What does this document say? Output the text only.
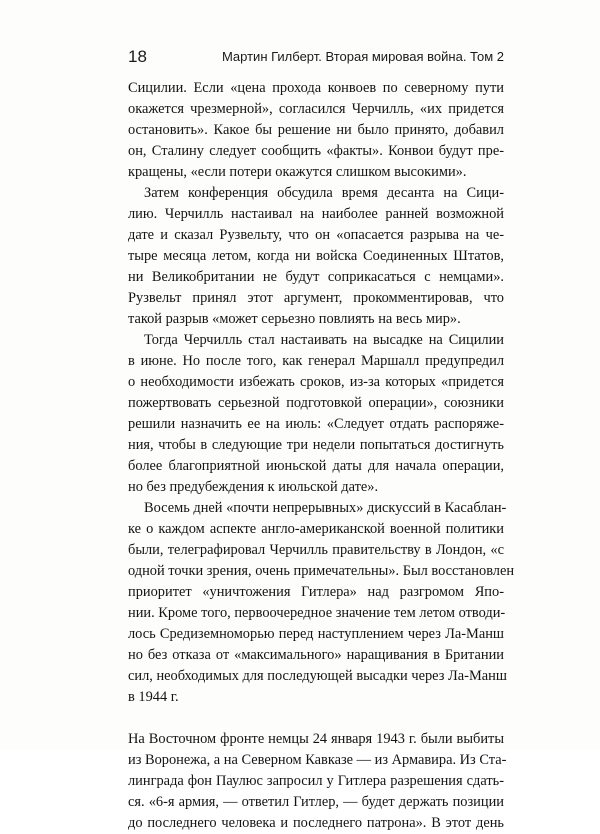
18	Мартин Гилберт. Вторая мировая война. Том 2
Сицилии. Если «цена прохода конвоев по северному пути
окажется чрезмерной», согласился Черчилль, «их придется
остановить». Какое бы решение ни было принято, добавил
он, Сталину следует сообщить «факты». Конвои будут пре-
кращены, «если потери окажутся слишком высокими».
Затем конференция обсудила время десанта на Сици-
лию. Черчилль настаивал на наиболее ранней возможной
дате и сказал Рузвельту, что он «опасается разрыва на че-
тыре месяца летом, когда ни войска Соединенных Штатов,
ни Великобритании не будут соприкасаться с немцами».
Рузвельт принял этот аргумент, прокомментировав, что
такой разрыв «может серьезно повлиять на весь мир».
Тогда Черчилль стал настаивать на высадке на Сицилии
в июне. Но после того, как генерал Маршалл предупредил
о необходимости избежать сроков, из-за которых «придется
пожертвовать серьезной подготовкой операции», союзники
решили назначить ее на июль: «Следует отдать распоряже-
ния, чтобы в следующие три недели попытаться достигнуть
более благоприятной июньской даты для начала операции,
но без предубеждения к июльской дате».
Восемь дней «почти непрерывных» дискуссий в Касаблан-
ке о каждом аспекте англо-американской военной политики
были, телеграфировал Черчилль правительству в Лондон, «с
одной точки зрения, очень примечательны». Был восстановлен
приоритет «уничтожения Гитлера» над разгромом Япо-
нии. Кроме того, первоочередное значение тем летом отводи-
лось Средиземноморью перед наступлением через Ла-Манш
но без отказа от «максимального» наращивания в Британии
сил, необходимых для последующей высадки через Ла-Манш
в 1944 г.
На Восточном фронте немцы 24 января 1943 г. были выбиты
из Воронежа, а на Северном Кавказе — из Армавира. Из Ста-
линграда фон Паулюс запросил у Гитлера разрешения сдать-
ся. «6-я армия, — ответил Гитлер, — будет держать позиции
до последнего человека и последнего патрона». В этот день
